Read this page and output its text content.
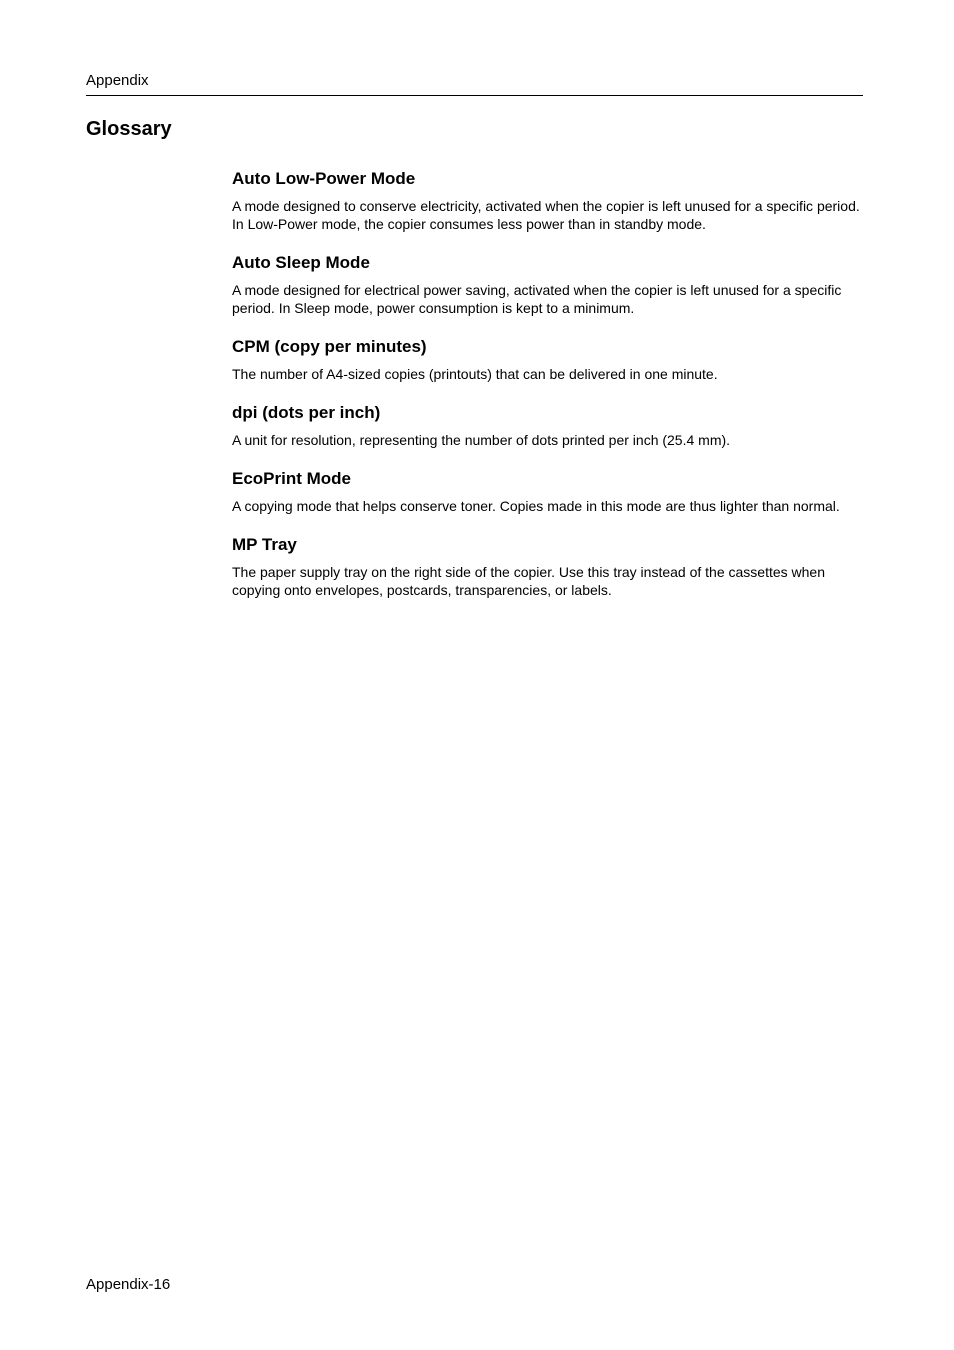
Appendix
Glossary
Auto Low-Power Mode

A mode designed to conserve electricity, activated when the copier is left unused for a specific period. In Low-Power mode, the copier consumes less power than in standby mode.

Auto Sleep Mode

A mode designed for electrical power saving, activated when the copier is left unused for a specific period. In Sleep mode, power consumption is kept to a minimum.

CPM (copy per minutes)

The number of A4-sized copies (printouts) that can be delivered in one minute.

dpi (dots per inch)

A unit for resolution, representing the number of dots printed per inch (25.4 mm).

EcoPrint Mode

A copying mode that helps conserve toner. Copies made in this mode are thus lighter than normal.

MP Tray

The paper supply tray on the right side of the copier. Use this tray instead of the cassettes when copying onto envelopes, postcards, transparencies, or labels.

Appendix-16
